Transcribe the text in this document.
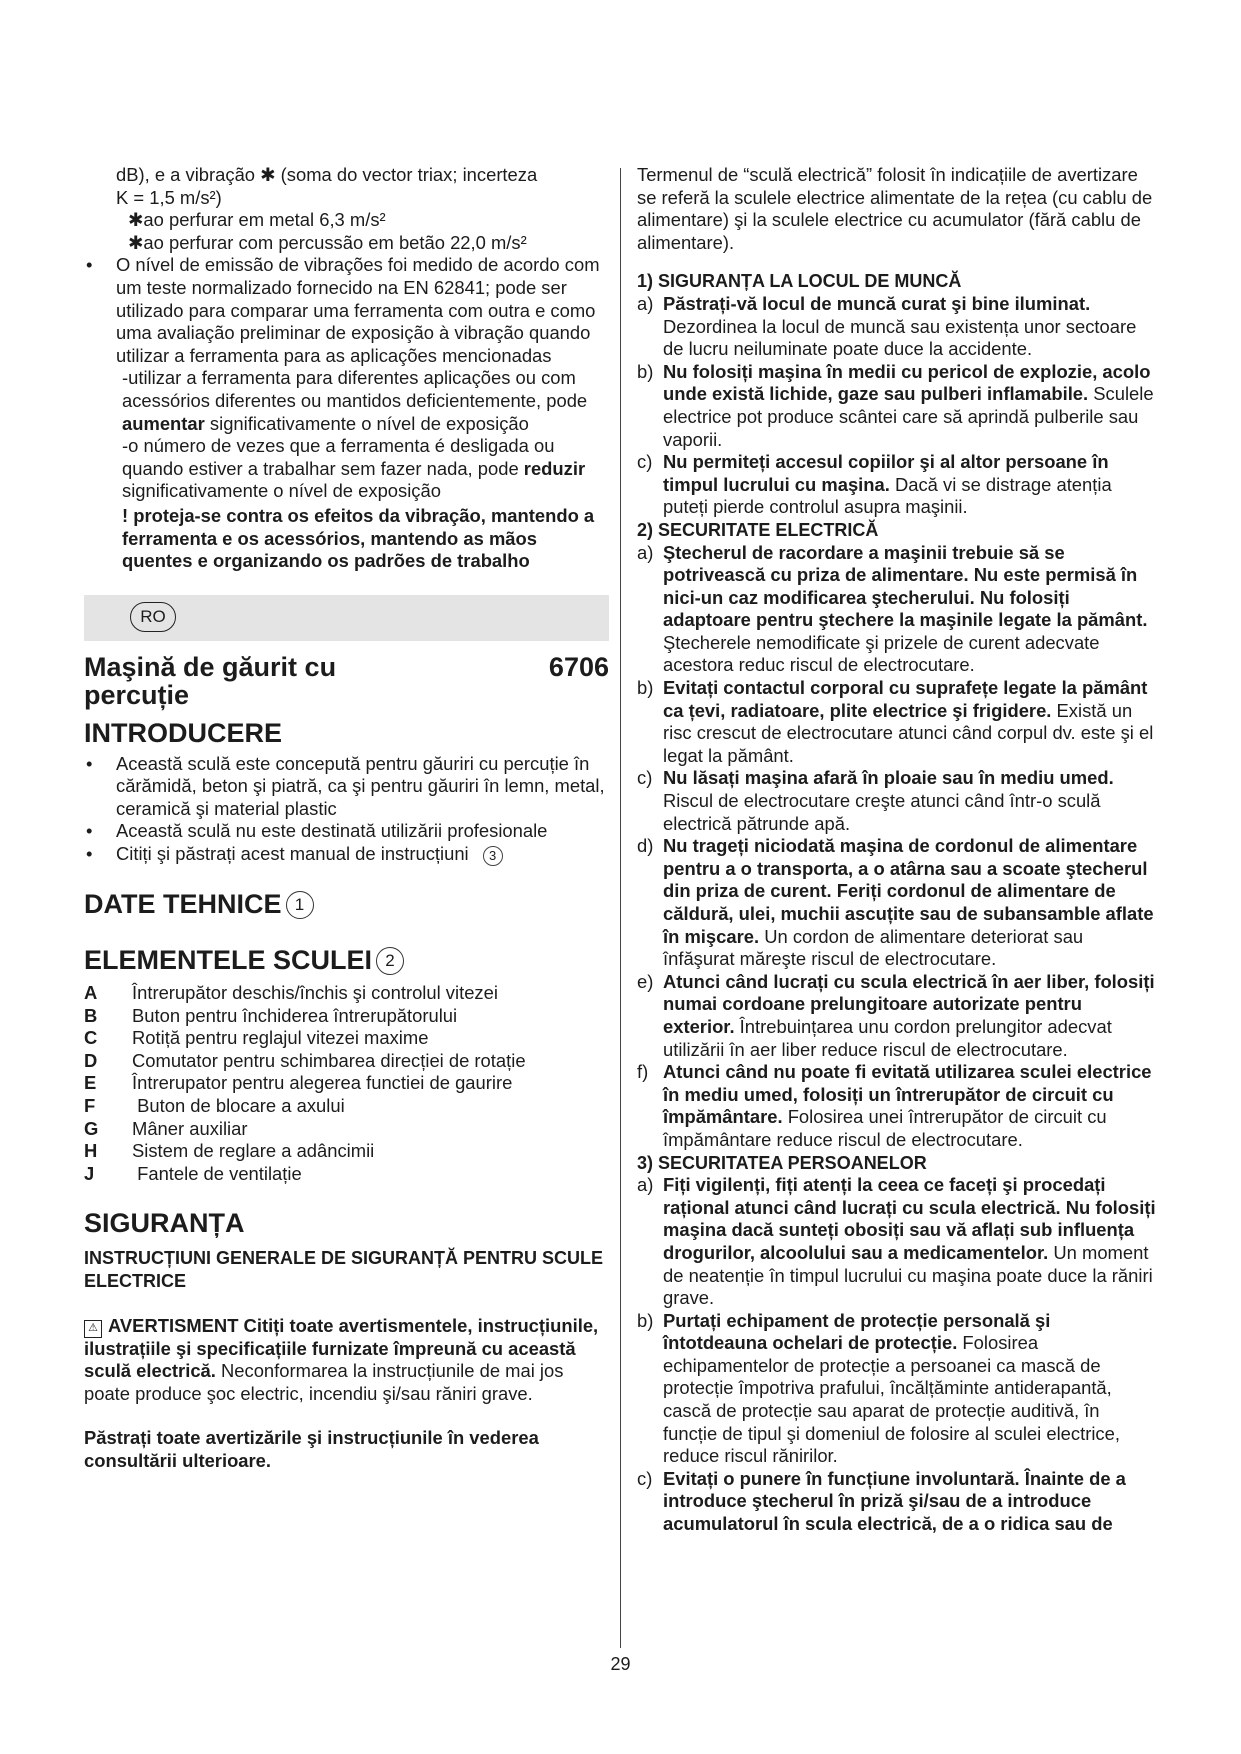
dB), e a vibração ✱ (soma do vector triax; incerteza

K = 1,5 m/s²)

✱ao perfurar em metal 6,3 m/s²

✱ao perfurar com percussão em betão 22,0 m/s²

• O nível de emissão de vibrações foi medido de acordo com um teste normalizado fornecido na EN 62841; pode ser utilizado para comparar uma ferramenta com outra e como uma avaliação preliminar de exposição à vibração quando utilizar a ferramenta para as aplicações mencionadas

-utilizar a ferramenta para diferentes aplicações ou com acessórios diferentes ou mantidos deficientemente, pode aumentar significativamente o nível de exposição

-o número de vezes que a ferramenta é desligada ou quando estiver a trabalhar sem fazer nada, pode reduzir significativamente o nível de exposição

! proteja-se contra os efeitos da vibração, mantendo a ferramenta e os acessórios, mantendo as mãos quentes e organizando os padrões de trabalho

RO
Maşină de găurit cu
percuție
6706
INTRODUCERE

• Această sculă este concepută pentru găuriri cu percuție în cărămidă, beton şi piatră, ca şi pentru găuriri în lemn, metal, ceramică şi material plastic

• Această sculă nu este destinată utilizării profesionale

• Citiți şi păstrați acest manual de instrucțiuni 3

DATE TEHNICE 1
ELEMENTELE SCULEI 2
A	Întrerupător deschis/închis şi controlul vitezei
B	Buton pentru închiderea întrerupătorului
C	Rotiță pentru reglajul vitezei maxime
D	Comutator pentru schimbarea direcției de rotație
E	Întrerupator pentru alegerea functiei de gaurire
F	Buton de blocare a axului
G	Mâner auxiliar
H	Sistem de reglare a adâncimii
J	Fantele de ventilație
SIGURANȚA

INSTRUCȚIUNI GENERALE DE SIGURANȚĂ PENTRU SCULE ELECTRICE

⚠ AVERTISMENT Citiți toate avertismentele, instrucțiunile, ilustrațiile şi specificațiile furnizate împreună cu această sculă electrică. Neconformarea la instrucțiunile de mai jos poate produce şoc electric, incendiu şi/sau răniri grave.

Păstrați toate avertizările şi instrucțiunile în vederea consultării ulterioare.

Termenul de “sculă electrică” folosit în indicațiile de avertizare se referă la sculele electrice alimentate de la rețea (cu cablu de alimentare) şi la sculele electrice cu acumulator (fără cablu de alimentare).

1) SIGURANȚA LA LOCUL DE MUNCĂ

a) Păstrați-vă locul de muncă curat şi bine iluminat. Dezordinea la locul de muncă sau existența unor sectoare de lucru neiluminate poate duce la accidente.

b) Nu folosiți maşina în medii cu pericol de explozie, acolo unde există lichide, gaze sau pulberi inflamabile. Sculele electrice pot produce scântei care să aprindă pulberile sau vaporii.

c) Nu permiteți accesul copiilor şi al altor persoane în timpul lucrului cu maşina. Dacă vi se distrage atenția puteți pierde controlul asupra maşinii.

2) SECURITATE ELECTRICĂ

a) Ştecherul de racordare a maşinii trebuie să se potrivească cu priza de alimentare. Nu este permisă în nici-un caz modificarea ştecherului. Nu folosiți adaptoare pentru ştechere la maşinile legate la pământ. Ştecherele nemodificate şi prizele de curent adecvate acestora reduc riscul de electrocutare.

b) Evitați contactul corporal cu suprafețe legate la pământ ca țevi, radiatoare, plite electrice şi frigidere. Există un risc crescut de electrocutare atunci când corpul dv. este şi el legat la pământ.

c) Nu lăsați maşina afară în ploaie sau în mediu umed. Riscul de electrocutare creşte atunci când într-o sculă electrică pătrunde apă.

d) Nu trageți niciodată maşina de cordonul de alimentare pentru a o transporta, a o atârna sau a scoate ştecherul din priza de curent. Feriți cordonul de alimentare de căldură, ulei, muchii ascuțite sau de subansamble aflate în mişcare. Un cordon de alimentare deteriorat sau înfăşurat măreşte riscul de electrocutare.

e) Atunci când lucrați cu scula electrică în aer liber, folosiți numai cordoane prelungitoare autorizate pentru exterior. Întrebuințarea unu cordon prelungitor adecvat utilizării în aer liber reduce riscul de electrocutare.

f) Atunci când nu poate fi evitată utilizarea sculei electrice în mediu umed, folosiți un întrerupător de circuit cu împământare. Folosirea unei întrerupător de circuit cu împământare reduce riscul de electrocutare.

3) SECURITATEA PERSOANELOR

a) Fiți vigilenți, fiți atenți la ceea ce faceți şi procedați rațional atunci când lucrați cu scula electrică. Nu folosiți maşina dacă sunteți obosiți sau vă aflați sub influența drogurilor, alcoolului sau a medicamentelor. Un moment de neatenție în timpul lucrului cu maşina poate duce la răniri grave.

b) Purtați echipament de protecție personală şi întotdeauna ochelari de protecție. Folosirea echipamentelor de protecție a persoanei ca mască de protecție împotriva prafului, încălțăminte antiderapantă, cască de protecție sau aparat de protecție auditivă, în funcție de tipul şi domeniul de folosire al sculei electrice, reduce riscul rănirilor.

c) Evitați o punere în funcțiune involuntară. Înainte de a introduce ştecherul în priză şi/sau de a introduce acumulatorul în scula electrică, de a o ridica sau de

29
